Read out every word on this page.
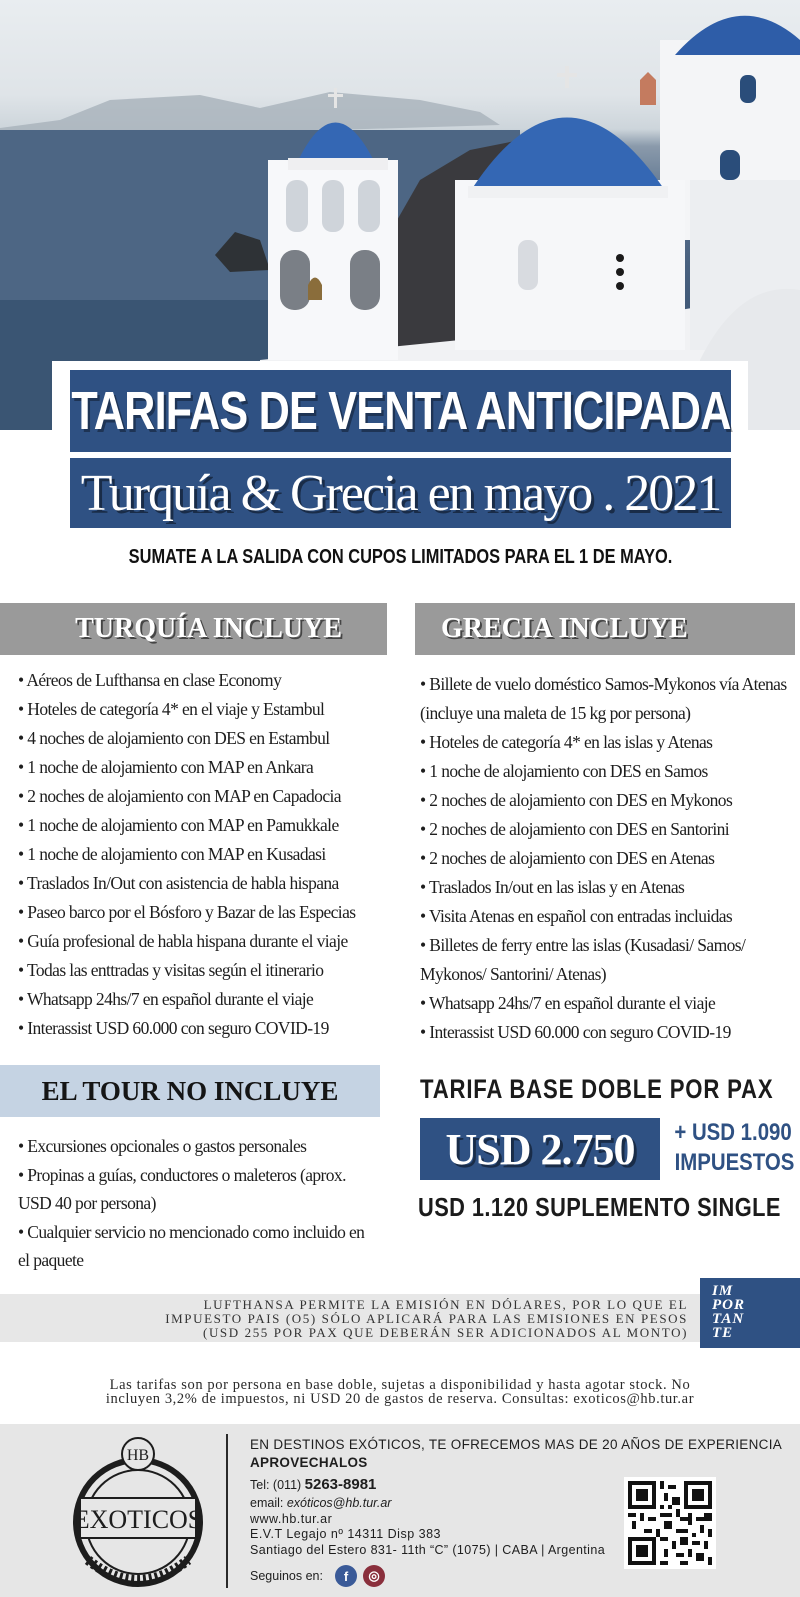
TARIFAS DE VENTA ANTICIPADA
Turquía & Grecia en mayo . 2021
SUMATE A LA SALIDA CON CUPOS LIMITADOS PARA EL 1 DE MAYO.
TURQUÍA INCLUYE
• Aéreos de Lufthansa en clase Economy
• Hoteles de categoría 4* en el viaje y Estambul
• 4 noches de alojamiento con DES en Estambul
• 1 noche de alojamiento con MAP en Ankara
• 2 noches de alojamiento con MAP en Capadocia
• 1 noche de alojamiento con MAP en Pamukkale
• 1 noche de alojamiento con MAP en Kusadasi
• Traslados In/Out con asistencia de habla hispana
• Paseo barco por el Bósforo y Bazar de las Especias
• Guía profesional de habla hispana durante el viaje
• Todas las enttradas y visitas según el itinerario
• Whatsapp 24hs/7 en español durante el viaje
• Interassist USD 60.000 con seguro COVID-19
GRECIA INCLUYE
• Billete de vuelo doméstico Samos-Mykonos vía Atenas (incluye una maleta de 15 kg por persona)
• Hoteles de categoría 4* en las islas y Atenas
• 1 noche de alojamiento con DES en Samos
• 2 noches de alojamiento con DES en Mykonos
• 2 noches de alojamiento con DES en Santorini
• 2 noches de alojamiento con DES en Atenas
• Traslados In/out en las islas y en Atenas
• Visita Atenas en español con entradas incluidas
• Billetes de ferry entre las islas (Kusadasi/ Samos/ Mykonos/ Santorini/ Atenas)
• Whatsapp 24hs/7 en español durante el viaje
• Interassist USD 60.000 con seguro COVID-19
EL TOUR NO INCLUYE
• Excursiones opcionales o gastos personales
• Propinas a guías, conductores o maleteros (aprox. USD 40 por persona)
• Cualquier servicio no mencionado como incluido en el paquete
TARIFA BASE DOBLE POR PAX
USD 2.750	+ USD 1.090
IMPUESTOS
USD 1.120 SUPLEMENTO SINGLE
LUFTHANSA PERMITE LA EMISIÓN EN DÓLARES, POR LO QUE EL
IMPUESTO PAIS (O5) SÓLO APLICARÁ PARA LAS EMISIONES EN PESOS
(USD 255 POR PAX QUE DEBERÁN SER ADICIONADOS AL MONTO)
IM
POR
TAN
TE
Las tarifas son por persona en base doble, sujetas a disponibilidad y hasta agotar stock. No
incluyen 3,2% de impuestos, ni USD 20 de gastos de reserva. Consultas: exoticos@hb.tur.ar
HB
EXOTICOS
EN DESTINOS EXÓTICOS, TE OFRECEMOS MAS DE 20 AÑOS DE EXPERIENCIA
APROVECHALOS
Tel: (011) 5263-8981
email: exóticos@hb.tur.ar
www.hb.tur.ar
E.V.T Legajo nº 14311 Disp 383
Santiago del Estero 831- 11th “C” (1075) | CABA | Argentina
Seguinos en:	f	◎
